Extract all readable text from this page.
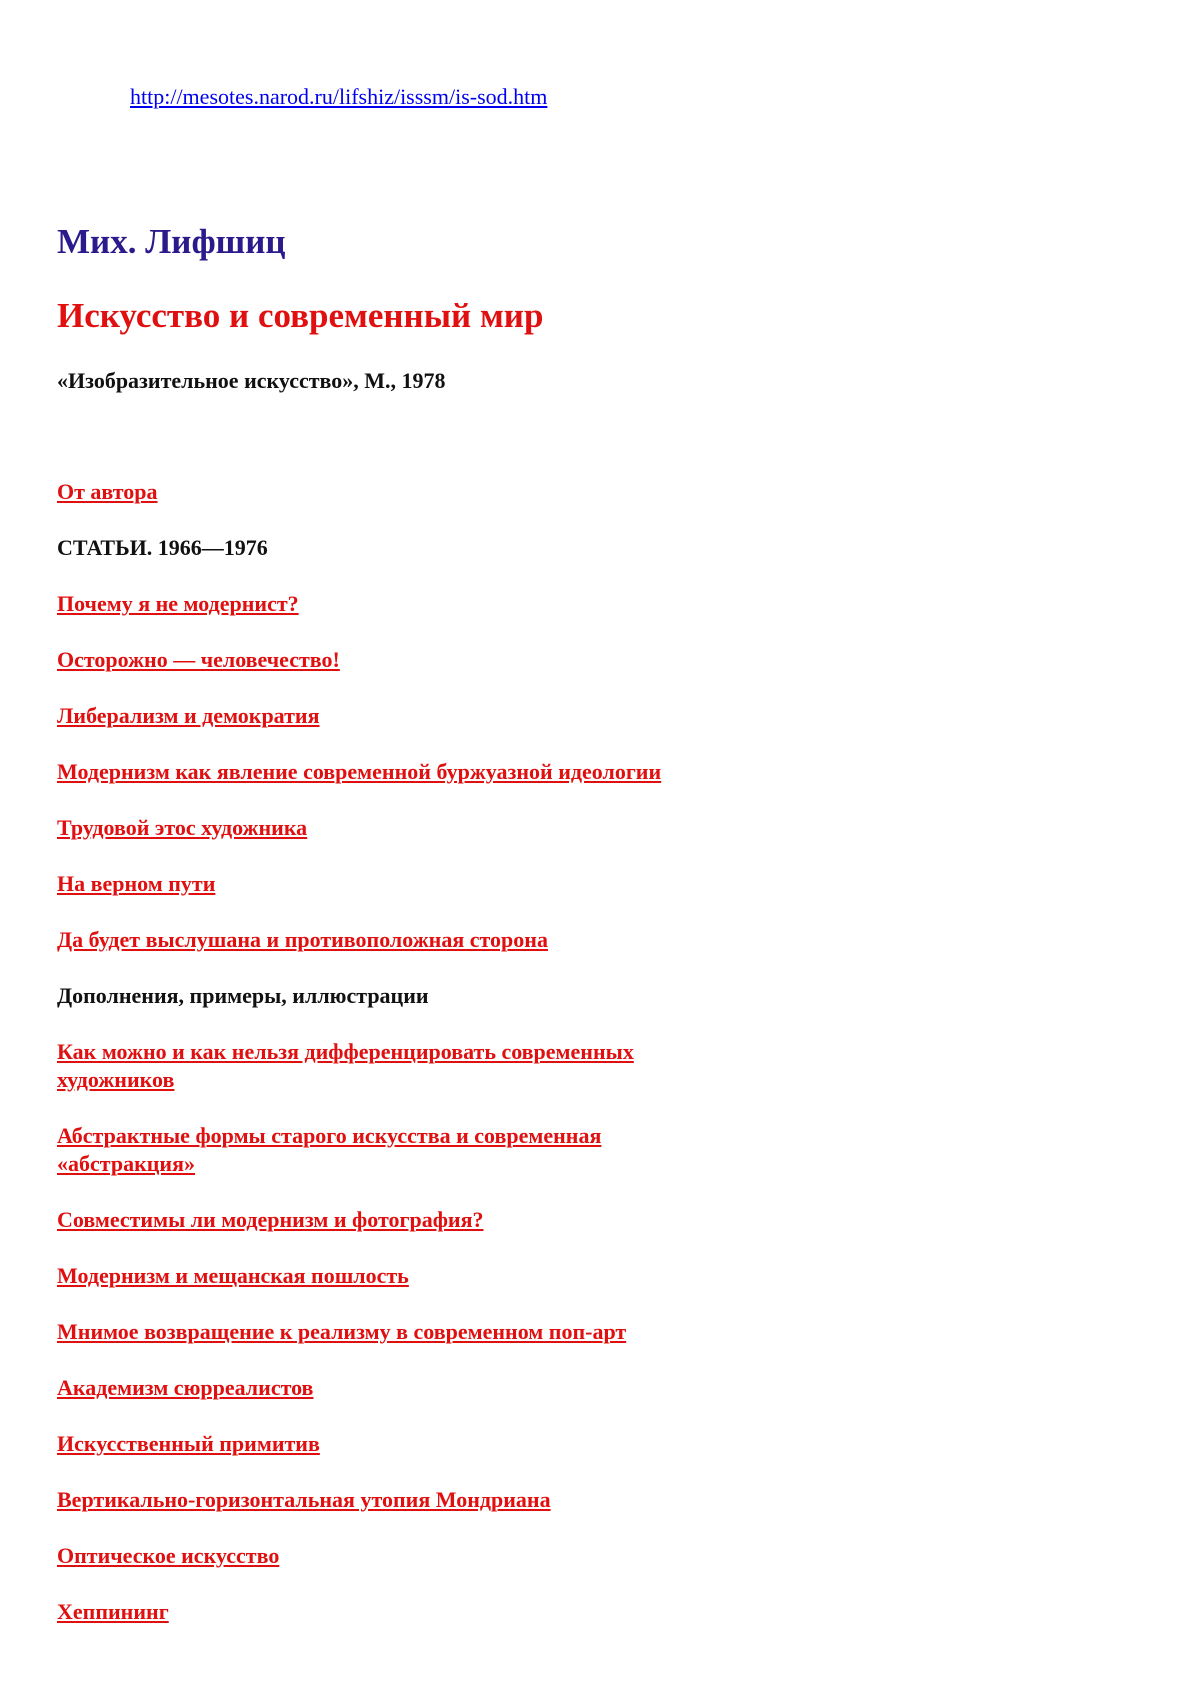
http://mesotes.narod.ru/lifshiz/isssm/is-sod.htm
Мих. Лифшиц
Искусство и современный мир
«Изобразительное искусство», М., 1978
От автора
СТАТЬИ. 1966—1976
Почему я не модернист?
Осторожно — человечество!
Либерализм и демократия
Модернизм как явление современной буржуазной идеологии
Трудовой этос художника
На верном пути
Да будет выслушана и противоположная сторона
Дополнения, примеры, иллюстрации
Как можно и как нельзя дифференцировать современных художников
Абстрактные формы старого искусства и современная «абстракция»
Совместимы ли модернизм и фотография?
Модернизм и мещанская пошлость
Мнимое возвращение к реализму в современном поп-арт
Академизм сюрреалистов
Искусственный примитив
Вертикально-горизонтальная утопия Мондриана
Оптическое искусство
Хеппининг
